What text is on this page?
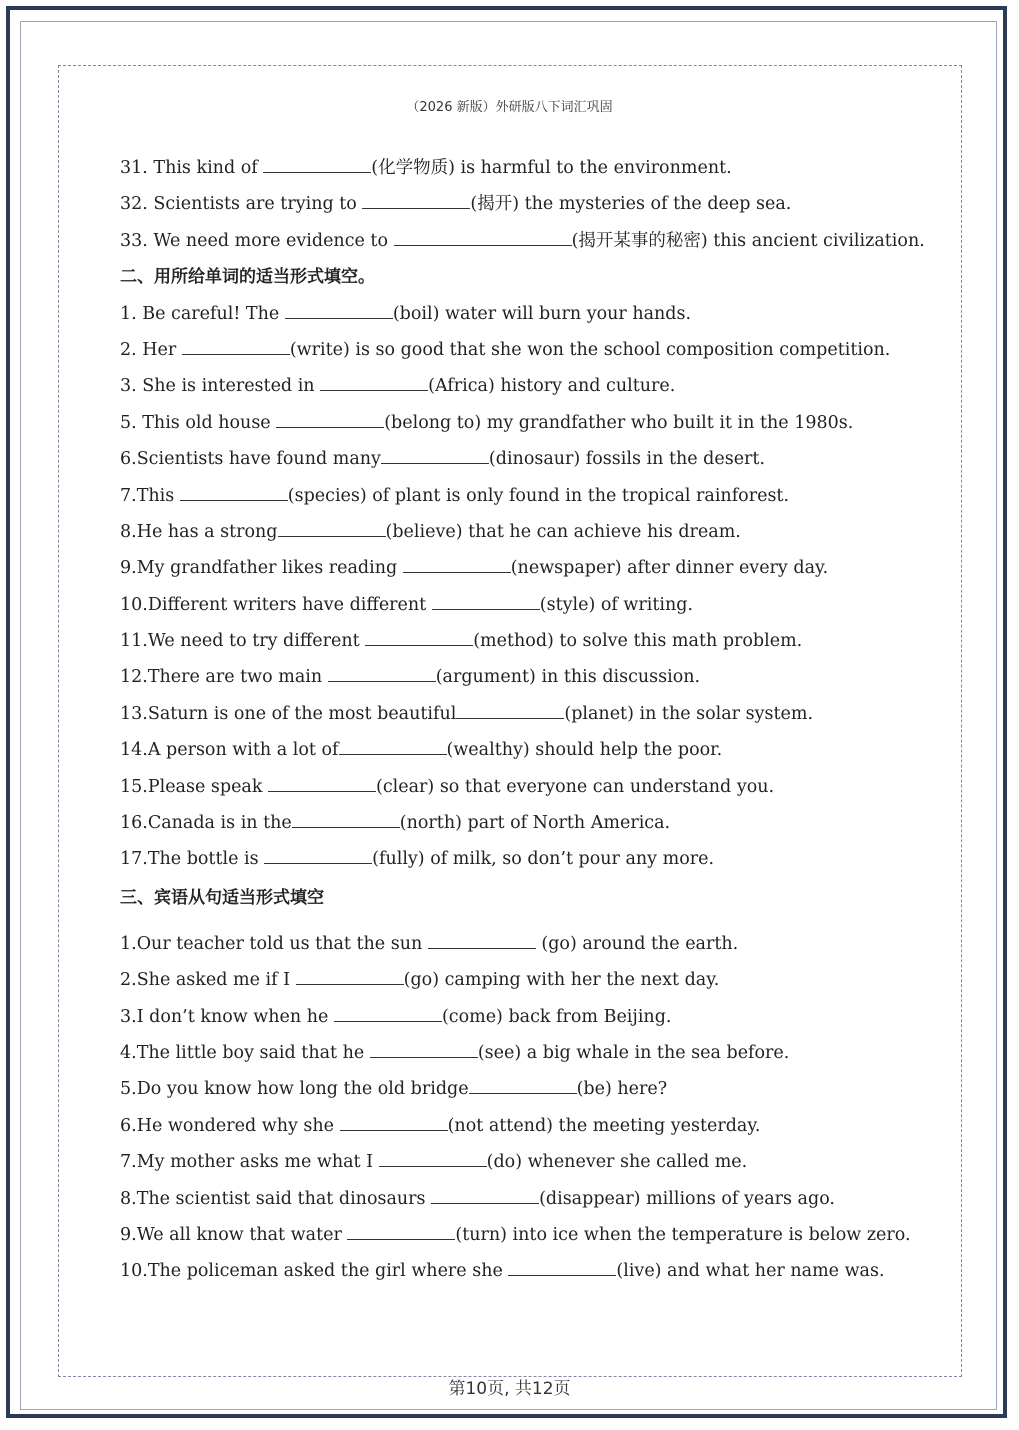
（2026 新版）外研版八下词汇巩固
31. This kind of	(化学物质) is harmful to the environment.
32. Scientists are trying to	(揭开) the mysteries of the deep sea.
33. We need more evidence to	(揭开某事的秘密) this ancient civilization.
二、用所给单词的适当形式填空。
1. Be careful! The	(boil) water will burn your hands.
2. Her	(write) is so good that she won the school composition competition.
3. She is interested in	(Africa) history and culture.
5. This old house	(belong to) my grandfather who built it in the 1980s.
6.Scientists have found many	(dinosaur) fossils in the desert.
7.This	(species) of plant is only found in the tropical rainforest.
8.He has a strong	(believe) that he can achieve his dream.
9.My grandfather likes reading	(newspaper) after dinner every day.
10.Different writers have different	(style) of writing.
11.We need to try different	(method) to solve this math problem.
12.There are two main	(argument) in this discussion.
13.Saturn is one of the most beautiful	(planet) in the solar system.
14.A person with a lot of	(wealthy) should help the poor.
15.Please speak	(clear) so that everyone can understand you.
16.Canada is in the	(north) part of North America.
17.The bottle is	(fully) of milk, so don’t pour any more.
三、宾语从句适当形式填空
1.Our teacher told us that the sun	(go) around the earth.
2.She asked me if I	(go) camping with her the next day.
3.I don’t know when he	(come) back from Beijing.
4.The little boy said that he	(see) a big whale in the sea before.
5.Do you know how long the old bridge	(be) here?
6.He wondered why she	(not attend) the meeting yesterday.
7.My mother asks me what I	(do) whenever she called me.
8.The scientist said that dinosaurs	(disappear) millions of years ago.
9.We all know that water	(turn) into ice when the temperature is below zero.
10.The policeman asked the girl where she	(live) and what her name was.
第10页, 共12页
